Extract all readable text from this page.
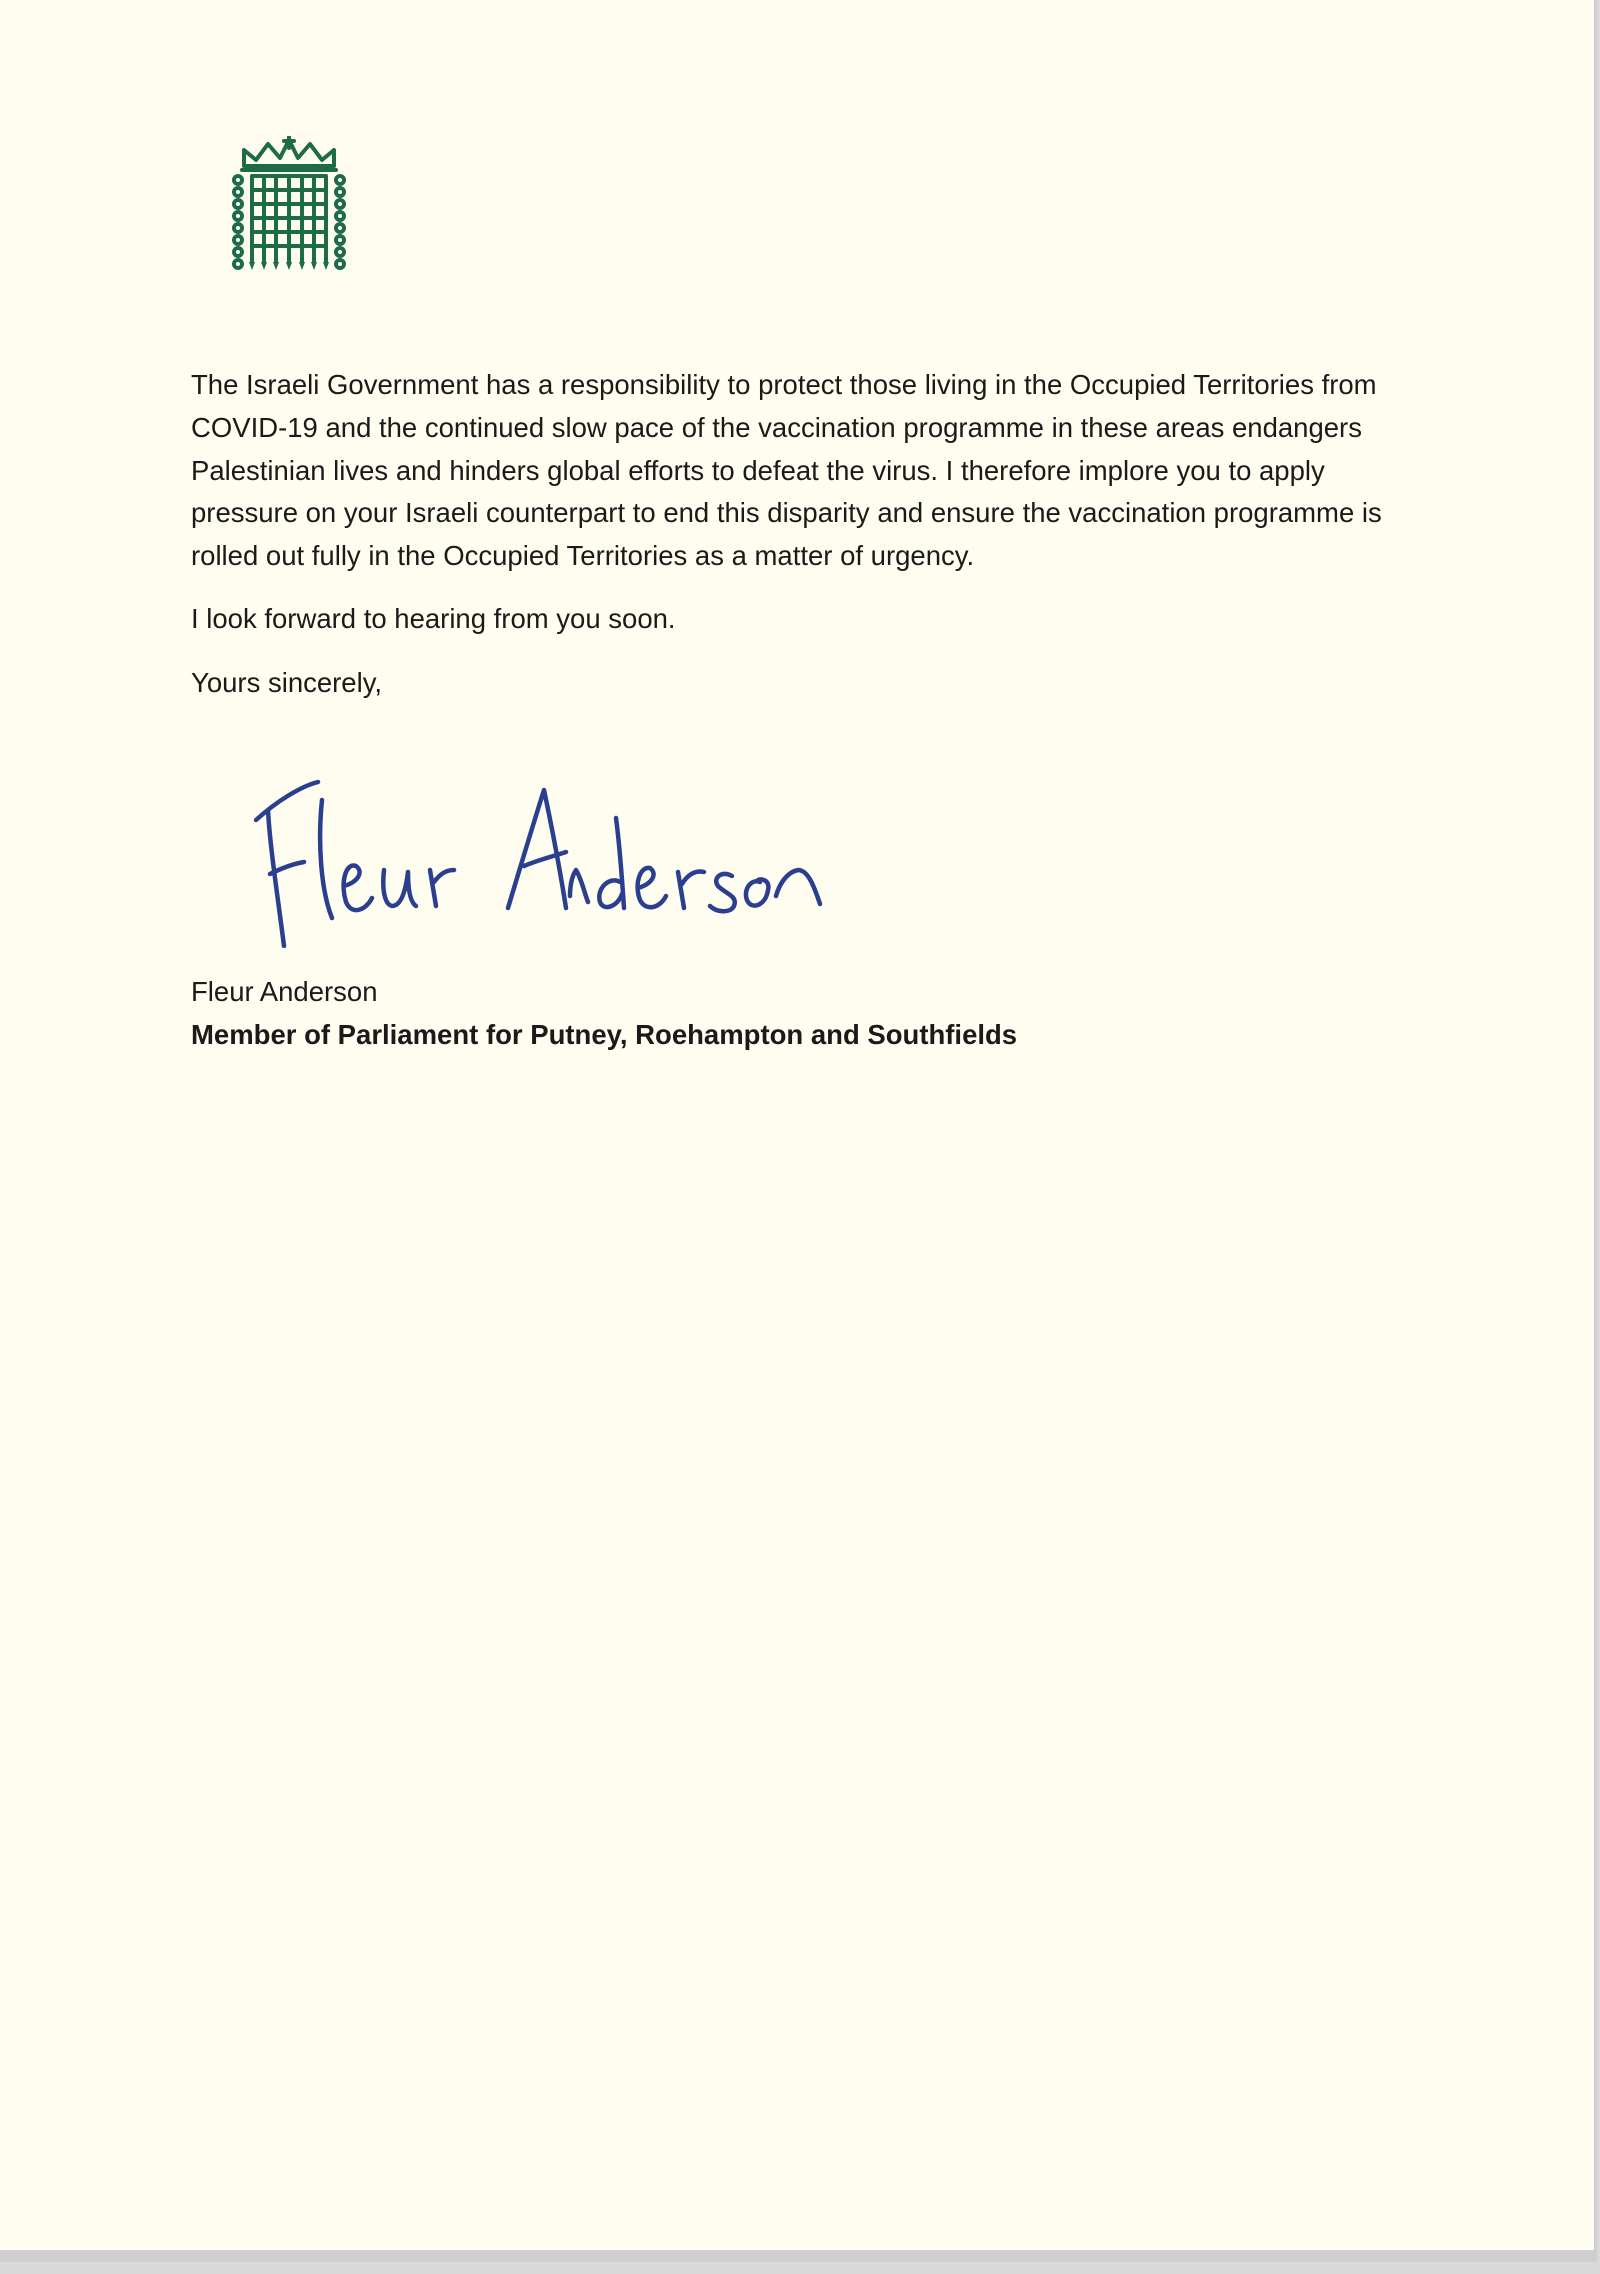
The Israeli Government has a responsibility to protect those living in the Occupied Territories from COVID-19 and the continued slow pace of the vaccination programme in these areas endangers Palestinian lives and hinders global efforts to defeat the virus. I therefore implore you to apply pressure on your Israeli counterpart to end this disparity and ensure the vaccination programme is rolled out fully in the Occupied Territories as a matter of urgency.

I look forward to hearing from you soon.

Yours sincerely,

Fleur Anderson
Member of Parliament for Putney, Roehampton and Southfields
